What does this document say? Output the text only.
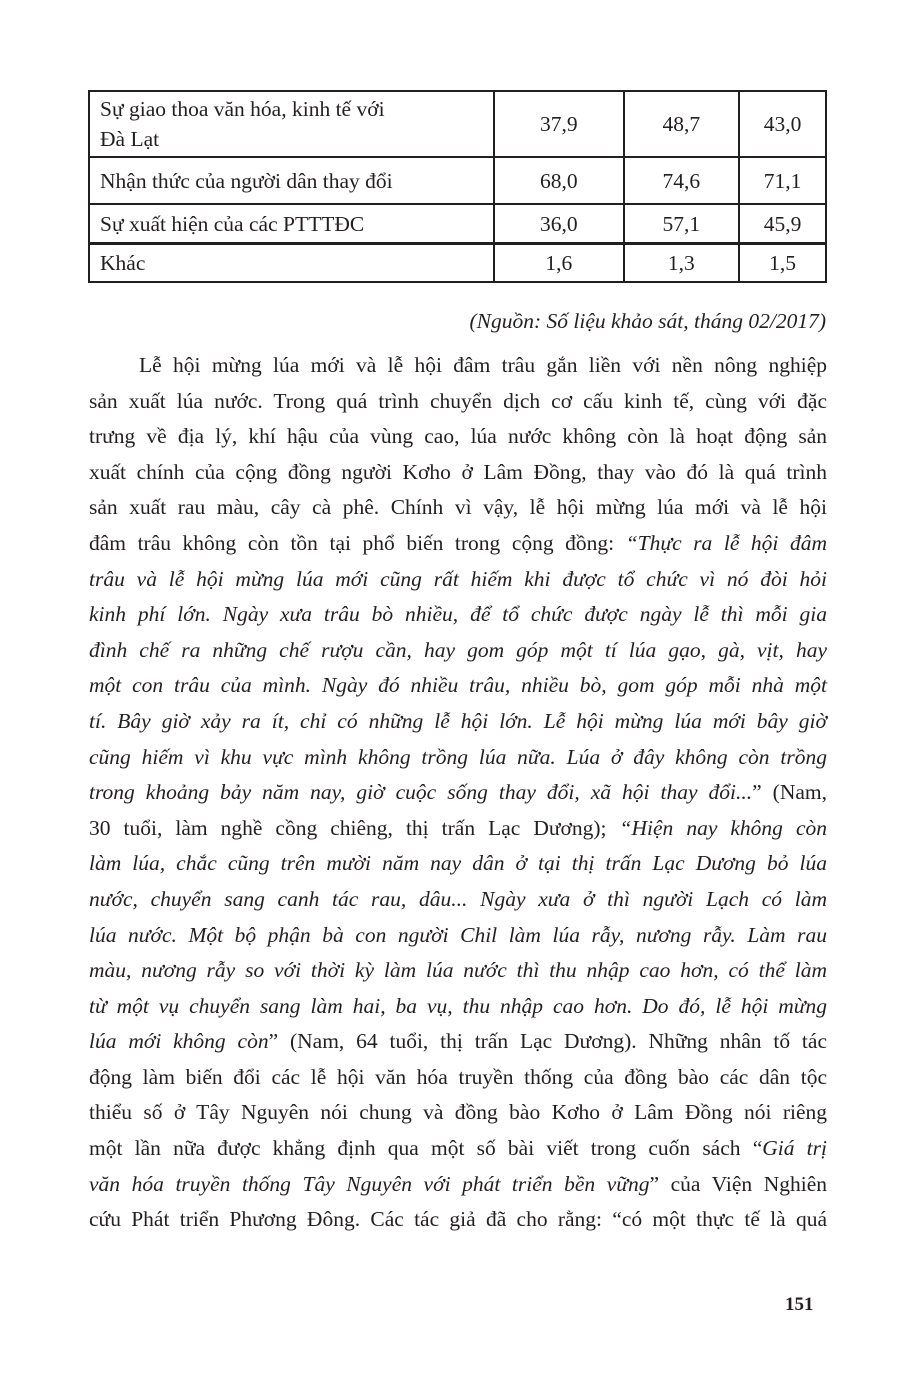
Sự giao thoa văn hóa, kinh tế với
Đà Lạt	37,9	48,7	43,0
Nhận thức của người dân thay đổi	68,0	74,6	71,1
Sự xuất hiện của các PTTTĐC	36,0	57,1	45,9
Khác	1,6	1,3	1,5
(Nguồn: Số liệu khảo sát, tháng 02/2017)
Lễ hội mừng lúa mới và lễ hội đâm trâu gắn liền với nền nông nghiệp
sản xuất lúa nước. Trong quá trình chuyển dịch cơ cấu kinh tế, cùng với đặc
trưng về địa lý, khí hậu của vùng cao, lúa nước không còn là hoạt động sản
xuất chính của cộng đồng người Kơho ở Lâm Đồng, thay vào đó là quá trình
sản xuất rau màu, cây cà phê. Chính vì vậy, lễ hội mừng lúa mới và lễ hội
đâm trâu không còn tồn tại phổ biến trong cộng đồng: “Thực ra lễ hội đâm
trâu và lễ hội mừng lúa mới cũng rất hiếm khi được tổ chức vì nó đòi hỏi
kinh phí lớn. Ngày xưa trâu bò nhiều, để tổ chức được ngày lễ thì mỗi gia
đình chế ra những chế rượu cần, hay gom góp một tí lúa gạo, gà, vịt, hay
một con trâu của mình. Ngày đó nhiều trâu, nhiều bò, gom góp mỗi nhà một
tí. Bây giờ xảy ra ít, chỉ có những lễ hội lớn. Lễ hội mừng lúa mới bây giờ
cũng hiếm vì khu vực mình không trồng lúa nữa. Lúa ở đây không còn trồng
trong khoảng bảy năm nay, giờ cuộc sống thay đổi, xã hội thay đổi...” (Nam,
30 tuổi, làm nghề cồng chiêng, thị trấn Lạc Dương); “Hiện nay không còn
làm lúa, chắc cũng trên mười năm nay dân ở tại thị trấn Lạc Dương bỏ lúa
nước, chuyển sang canh tác rau, dâu... Ngày xưa ở thì người Lạch có làm
lúa nước. Một bộ phận bà con người Chil làm lúa rẫy, nương rẫy. Làm rau
màu, nương rẫy so với thời kỳ làm lúa nước thì thu nhập cao hơn, có thể làm
từ một vụ chuyển sang làm hai, ba vụ, thu nhập cao hơn. Do đó, lễ hội mừng
lúa mới không còn” (Nam, 64 tuổi, thị trấn Lạc Dương). Những nhân tố tác
động làm biến đổi các lễ hội văn hóa truyền thống của đồng bào các dân tộc
thiểu số ở Tây Nguyên nói chung và đồng bào Kơho ở Lâm Đồng nói riêng
một lần nữa được khẳng định qua một số bài viết trong cuốn sách “Giá trị
văn hóa truyền thống Tây Nguyên với phát triển bền vững” của Viện Nghiên
cứu Phát triển Phương Đông. Các tác giả đã cho rằng: “có một thực tế là quá
151
